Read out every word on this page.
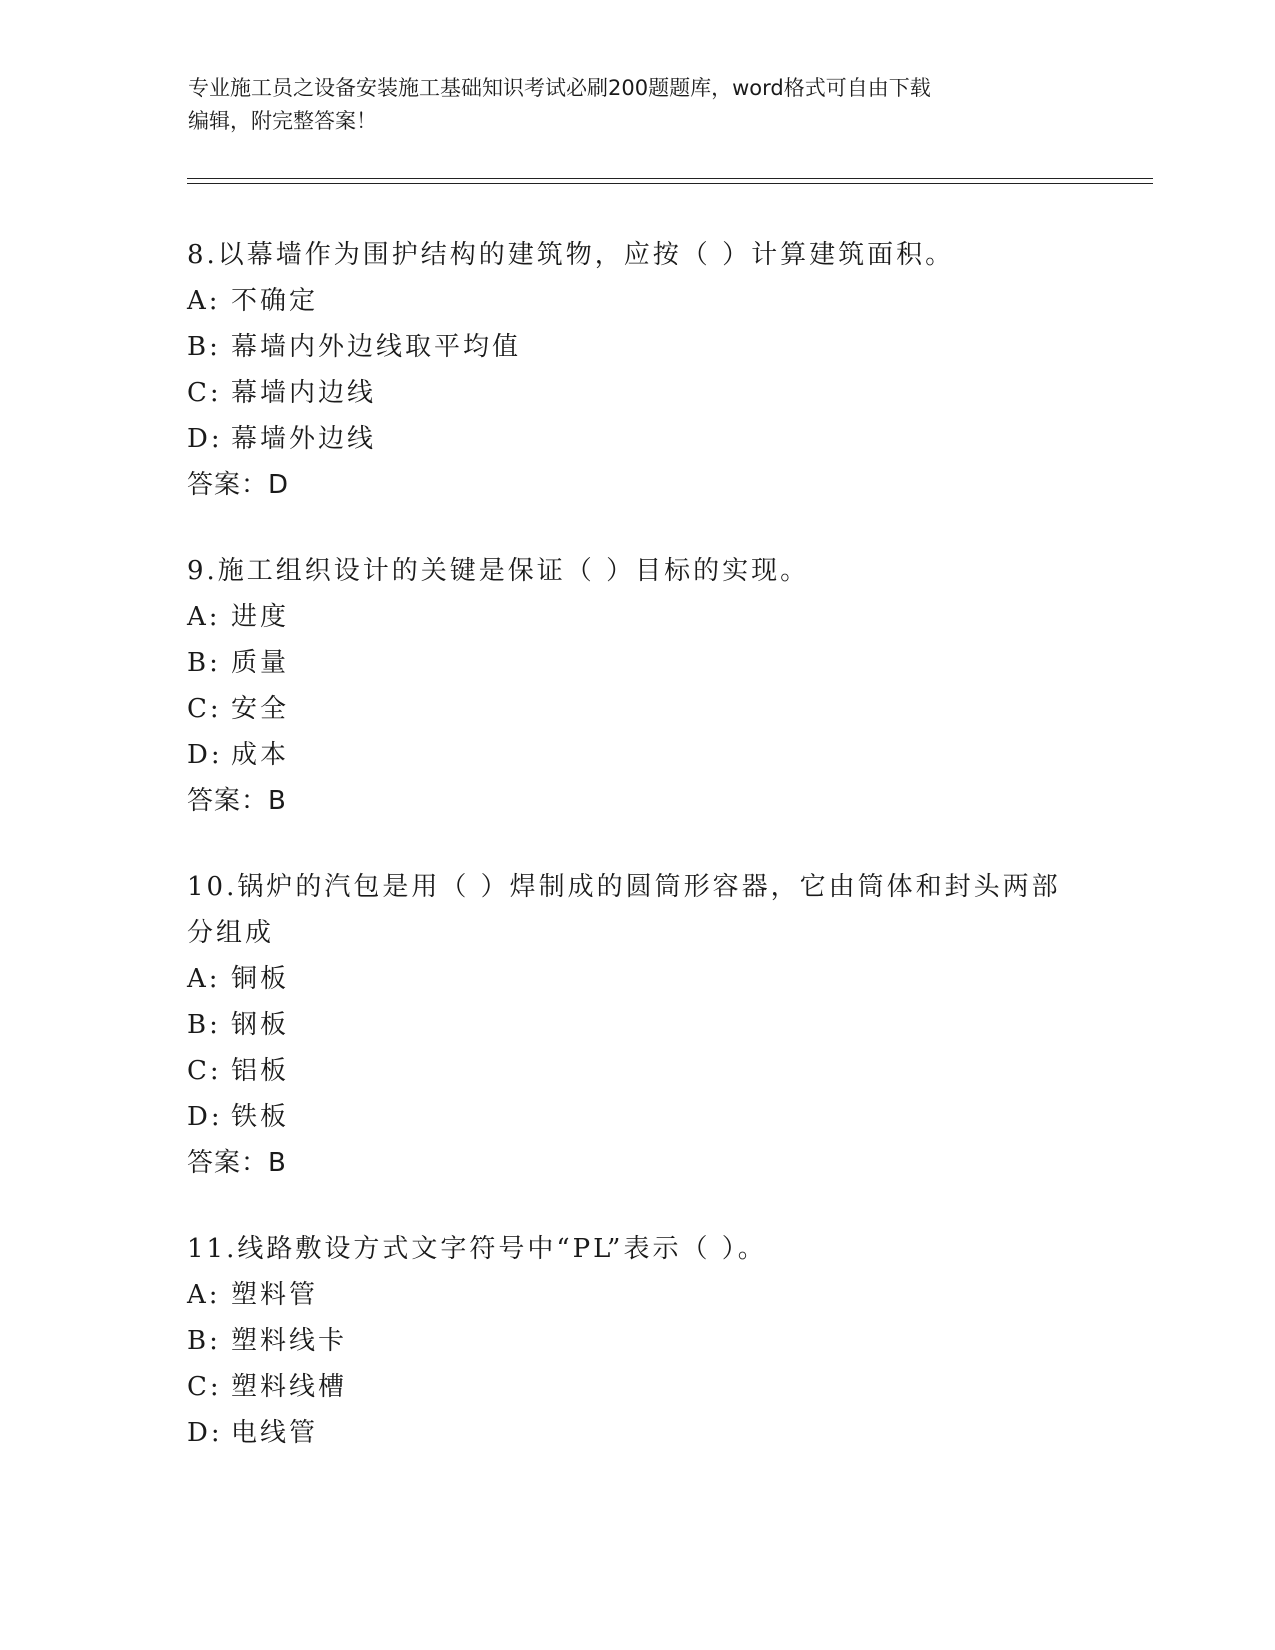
专业施工员之设备安装施工基础知识考试必刷200题题库，word格式可自由下载
编辑，附完整答案！
8.以幕墙作为围护结构的建筑物，应按（ ）计算建筑面积。
A: 不确定
B: 幕墙内外边线取平均值
C: 幕墙内边线
D: 幕墙外边线
答案：D
9.施工组织设计的关键是保证（ ）目标的实现。
A: 进度
B: 质量
C: 安全
D: 成本
答案：B
10.锅炉的汽包是用（ ）焊制成的圆筒形容器，它由筒体和封头两部
分组成
A: 铜板
B: 钢板
C: 铝板
D: 铁板
答案：B
11.线路敷设方式文字符号中“PL”表示（ ）。
A: 塑料管
B: 塑料线卡
C: 塑料线槽
D: 电线管
